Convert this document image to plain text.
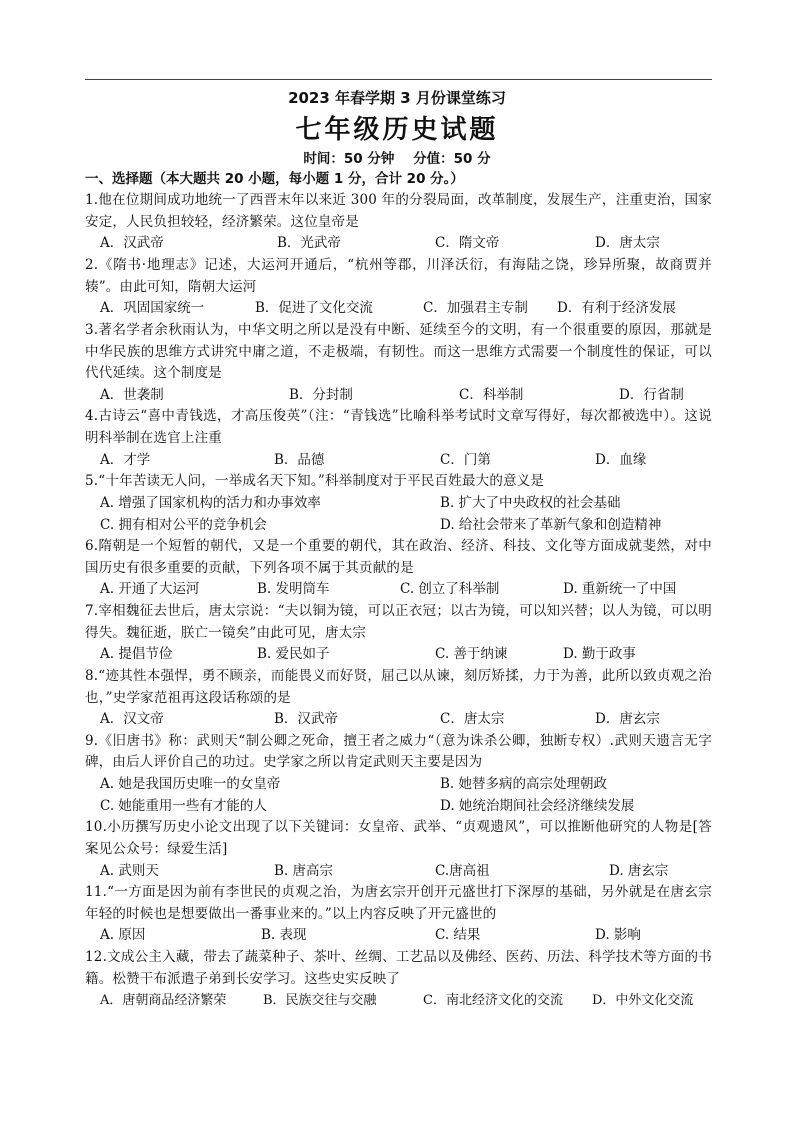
2023 年春学期 3 月份课堂练习
七年级历史试题
时间：50 分钟    分值：50 分
一、选择题（本大题共 20 小题，每小题 1 分，合计 20 分。）
1.他在位期间成功地统一了西晋末年以来近 300 年的分裂局面，改革制度，发展生产，注重吏治，国家安定，人民负担较轻，经济繁荣。这位皇帝是
A．汉武帝	B．光武帝	C．隋文帝	D．唐太宗
2.《隋书·地理志》记述，大运河开通后，“杭州等郡，川泽沃衍，有海陆之饶，珍异所聚，故商贾并辏”。由此可知，隋朝大运河
A．巩固国家统一	B．促进了文化交流	C．加强君主专制 D．有利于经济发展
3.著名学者余秋雨认为，中华文明之所以是没有中断、延续至今的文明，有一个很重要的原因，那就是中华民族的思维方式讲究中庸之道，不走极端，有韧性。而这一思维方式需要一个制度性的保证，可以代代延续。这个制度是
A．世袭制	B．分封制	C．科举制	D．行省制
4.古诗云“喜中青钱选，才高压俊英”（注：“青钱选”比喻科举考试时文章写得好，每次都被选中）。这说明科举制在选官上注重
A．才学	B．品德	C．门第	D．血缘
5.“十年苦读无人问，一举成名天下知。”科举制度对于平民百姓最大的意义是
A. 增强了国家机构的活力和办事效率	B. 扩大了中央政权的社会基础
C. 拥有相对公平的竞争机会	D. 给社会带来了革新气象和创造精神
6.隋朝是一个短暂的朝代，又是一个重要的朝代，其在政治、经济、科技、文化等方面成就斐然，对中国历史有很多重要的贡献，下列各项不属于其贡献的是
A. 开通了大运河	B. 发明筒车	C. 创立了科举制	D. 重新统一了中国
7.宰相魏征去世后，唐太宗说：“夫以铜为镜，可以正衣冠；以古为镜，可以知兴替；以人为镜，可以明得失。魏征逝，朕亡一镜矣”由此可见，唐太宗
A. 提倡节俭	B. 爱民如子	C. 善于纳谏	D. 勤于政事
8.“迹其性本强悍，勇不顾亲，而能畏义而好贤，屈己以从谏，刻厉矫揉，力于为善，此所以致贞观之治也，”史学家范祖再这段话称颂的是
A．汉文帝	B．汉武帝	C．唐太宗	D．唐玄宗
9.《旧唐书》称：武则天“制公卿之死命，擅王者之威力“（意为诛杀公卿，独断专权）.武则天遗言无字碑，由后人评价自己的功过。史学家之所以肯定武则天主要是因为
A. 她是我国历史唯一的女皇帝	B. 她替多病的高宗处理朝政
C. 她能重用一些有才能的人	D. 她统治期间社会经济继续发展
10.小历撰写历史小论文出现了以下关键词：女皇帝、武举、“贞观遗风”，可以推断他研究的人物是[答案见公众号：绿爱生活]
A. 武则天	B. 唐高宗	C.唐高祖	D. 唐玄宗
11.“一方面是因为前有李世民的贞观之治，为唐玄宗开创开元盛世打下深厚的基础，另外就是在唐玄宗年轻的时候也是想要做出一番事业来的。”以上内容反映了开元盛世的
A. 原因	B. 表现	C. 结果	D. 影响
12.文成公主入藏，带去了蔬菜种子、茶叶、丝绸、工艺品以及佛经、医药、历法、科学技术等方面的书籍。松赞干布派遣子弟到长安学习。这些史实反映了
A．唐朝商品经济繁荣	B．民族交往与交融	C．南北经济文化的交流 D．中外文化交流
